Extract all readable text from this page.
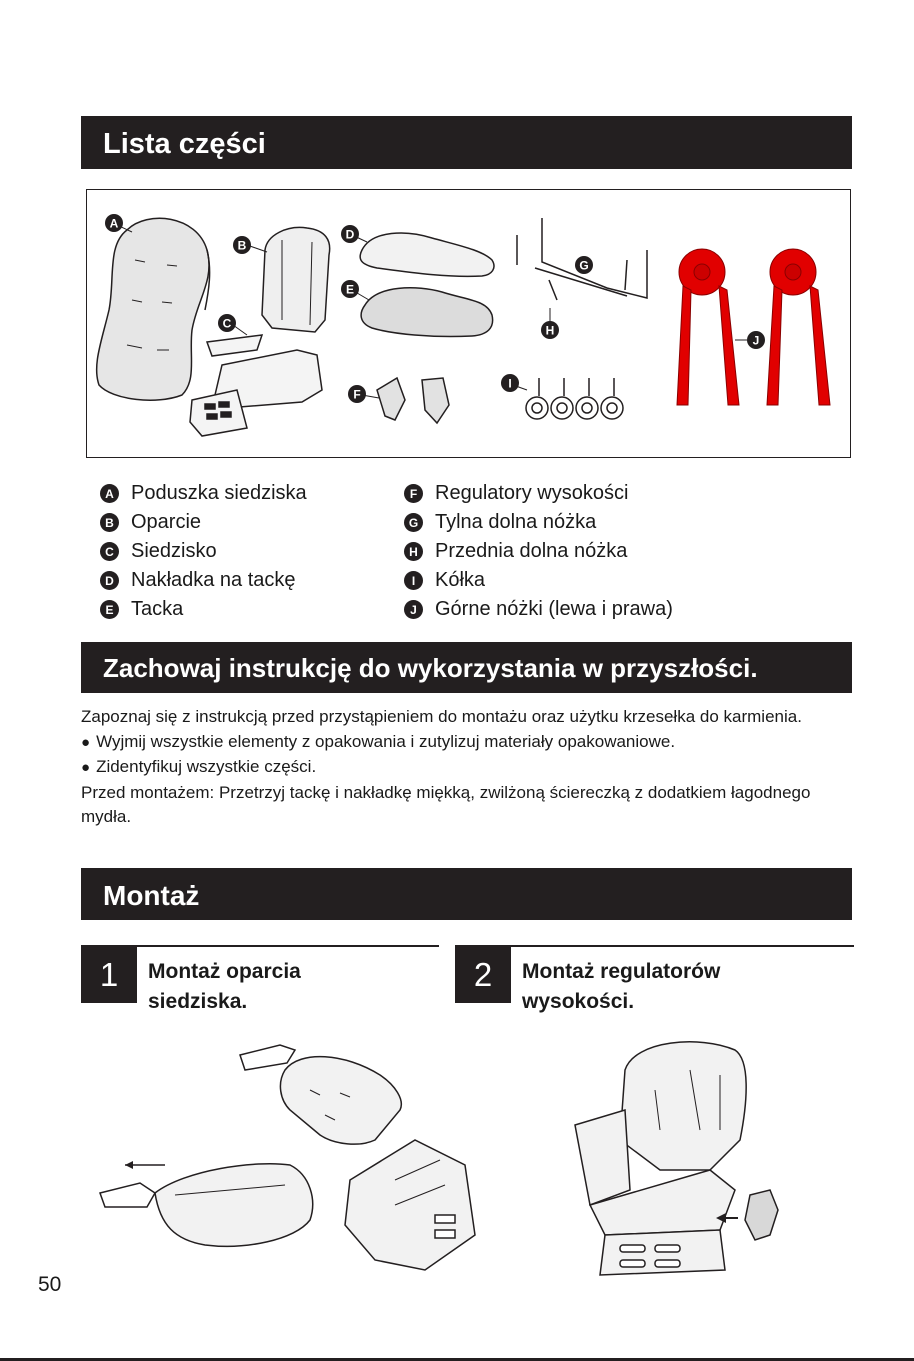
Lista części
A
B
C
D
E
F
G
H
I
J
A Poduszka siedziska
B Oparcie
C Siedzisko
D Nakładka na tackę
E Tacka
F Regulatory wysokości
G Tylna dolna nóżka
H Przednia dolna nóżka
I Kółka
J Górne nóżki (lewa i prawa)
Zachowaj instrukcję do wykorzystania w przyszłości.

Zapoznaj się z instrukcją przed przystąpieniem do montażu oraz użytku krzesełka do karmienia.

● Wyjmij wszystkie elementy z opakowania i zutylizuj materiały opakowaniowe.

● Zidentyfikuj wszystkie części.

Przed montażem: Przetrzyj tackę i nakładkę miękką, zwilżoną ściereczką z dodatkiem łagodnego mydła.

Montaż
1	Montaż oparcia
siedziska.
2	Montaż regulatorów
wysokości.
50
